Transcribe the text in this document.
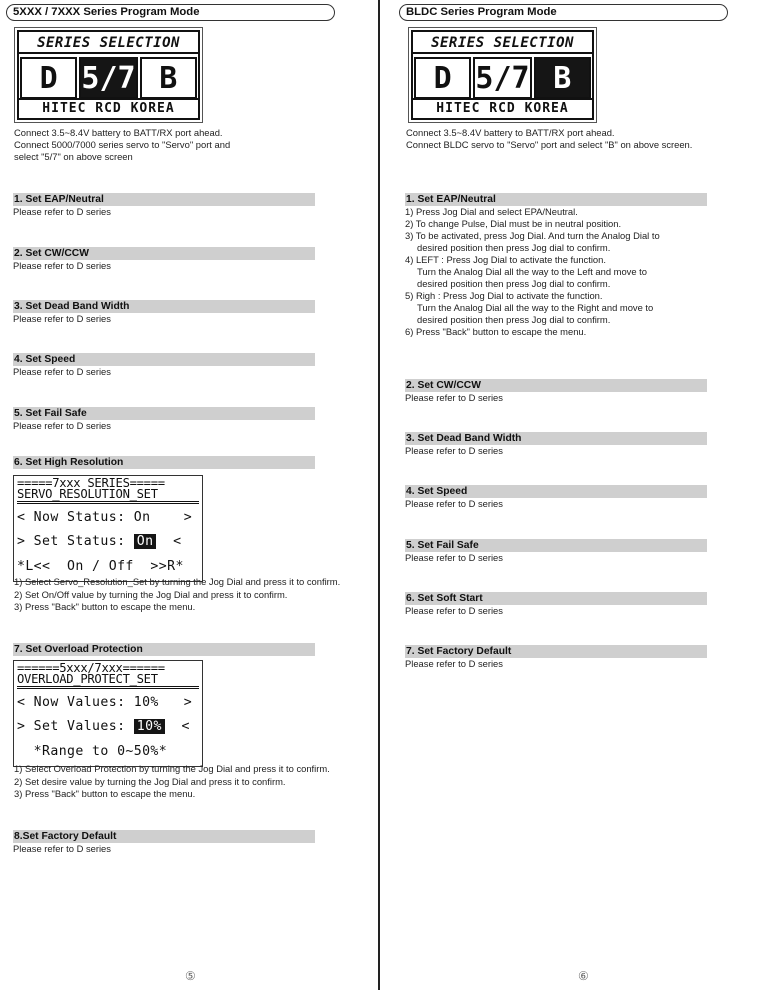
5XXX / 7XXX Series Program Mode
SERIES SELECTION
D 5/7 B
HITEC RCD KOREA
Connect 3.5~8.4V battery to BATT/RX port ahead.
Connect 5000/7000 series servo to "Servo" port and
select "5/7" on above screen
1. Set EAP/Neutral
Please refer to D series
2. Set CW/CCW
Please refer to D series
3. Set Dead Band Width
Please refer to D series
4. Set Speed
Please refer to D series
5. Set Fail Safe
Please refer to D series
6. Set High Resolution
=====7xxx SERIES=====
SERVO_RESOLUTION_SET
< Now Status: On    >
> Set Status: On  <
*L<<  On / Off  >>R*
1) Select Servo_Resolution_Set by turning the Jog Dial and press it to confirm.
2) Set On/Off value by turning the Jog Dial and press it to confirm.
3) Press "Back" button to escape the menu.
7. Set Overload Protection
======5xxx/7xxx======
OVERLOAD_PROTECT_SET
< Now Values: 10%   >
> Set Values: 10%  <
*Range to 0~50%*
1) Select Overload Protection by turning the Jog Dial and press it to confirm.
2) Set desire value by turning the Jog Dial and press it to confirm.
3) Press "Back" button to escape the menu.
8.Set Factory Default
Please refer to D series
⑤
BLDC Series Program Mode
SERIES SELECTION
D 5/7 B
HITEC RCD KOREA
Connect 3.5~8.4V battery to BATT/RX port ahead.
Connect BLDC servo to "Servo" port and select "B" on above screen.
1. Set EAP/Neutral
1) Press Jog Dial and select EPA/Neutral.
2) To change Pulse, Dial must be in neutral position.
3) To be activated, press Jog Dial. And turn the Analog Dial to
desired position then press Jog dial to confirm.
4) LEFT : Press Jog Dial to activate the function.
Turn the Analog Dial all the way to the Left and move to
desired position then press Jog dial to confirm.
5) Righ : Press Jog Dial to activate the function.
Turn the Analog Dial all the way to the Right and move to
desired position then press Jog dial to confirm.
6) Press "Back" button to escape the menu.
2. Set CW/CCW
Please refer to D series
3. Set Dead Band Width
Please refer to D series
4. Set Speed
Please refer to D series
5. Set Fail Safe
Please refer to D series
6. Set Soft Start
Please refer to D series
7. Set Factory Default
Please refer to D series
⑥
